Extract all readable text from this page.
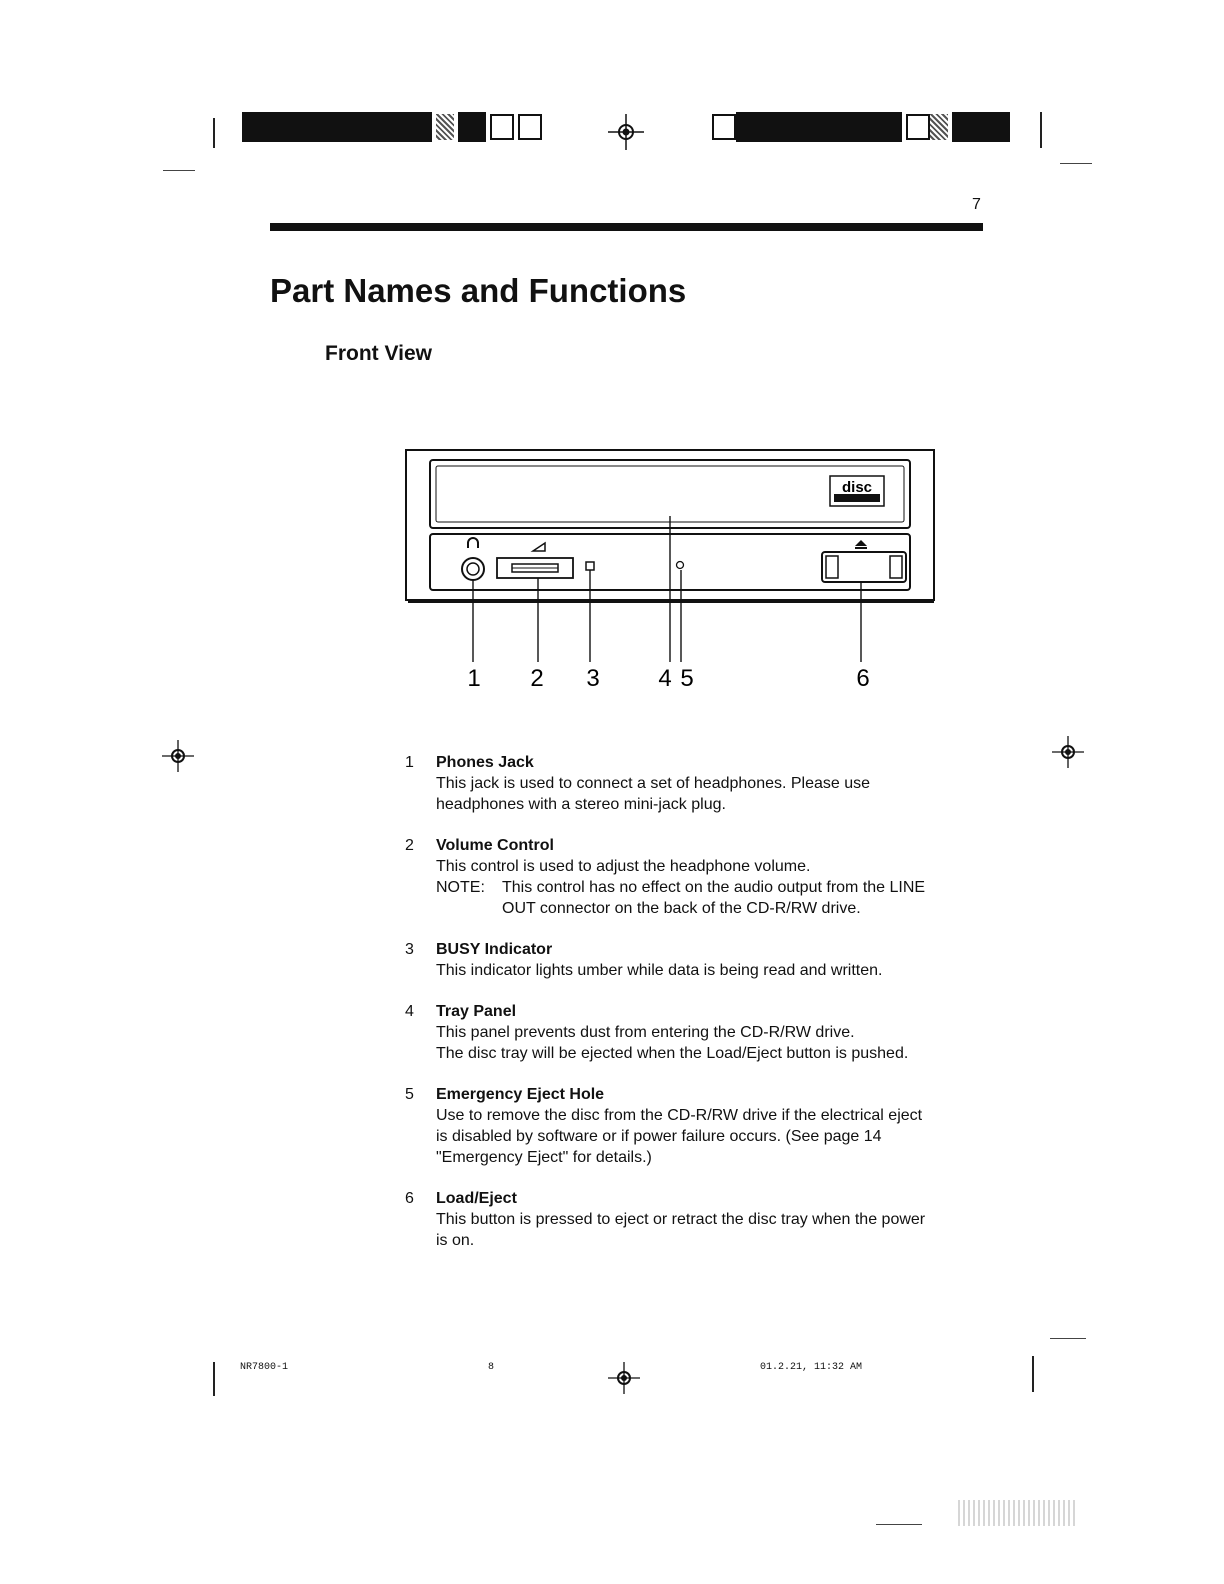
7
Part Names and Functions
Front View
disc
1 2 3 4 5	6
1	Phones Jack
This jack is used to connect a set of headphones. Please use
headphones with a stereo mini-jack plug.
2	Volume Control
This control is used to adjust the headphone volume.
NOTE:	This control has no effect on the audio output from the LINE
OUT connector on the back of the CD-R/RW drive.
3	BUSY Indicator
This indicator lights umber while data is being read and written.
4	Tray Panel
This panel prevents dust from entering the CD-R/RW drive.
The disc tray will be ejected when the Load/Eject button is pushed.
5	Emergency Eject Hole
Use to remove the disc from the CD-R/RW drive if the electrical eject
is disabled by software or if power failure occurs. (See page 14
"Emergency Eject" for details.)
6	Load/Eject
This button is pressed to eject or retract the disc tray when the power
is on.
NR7800-1	8	01.2.21, 11:32 AM
